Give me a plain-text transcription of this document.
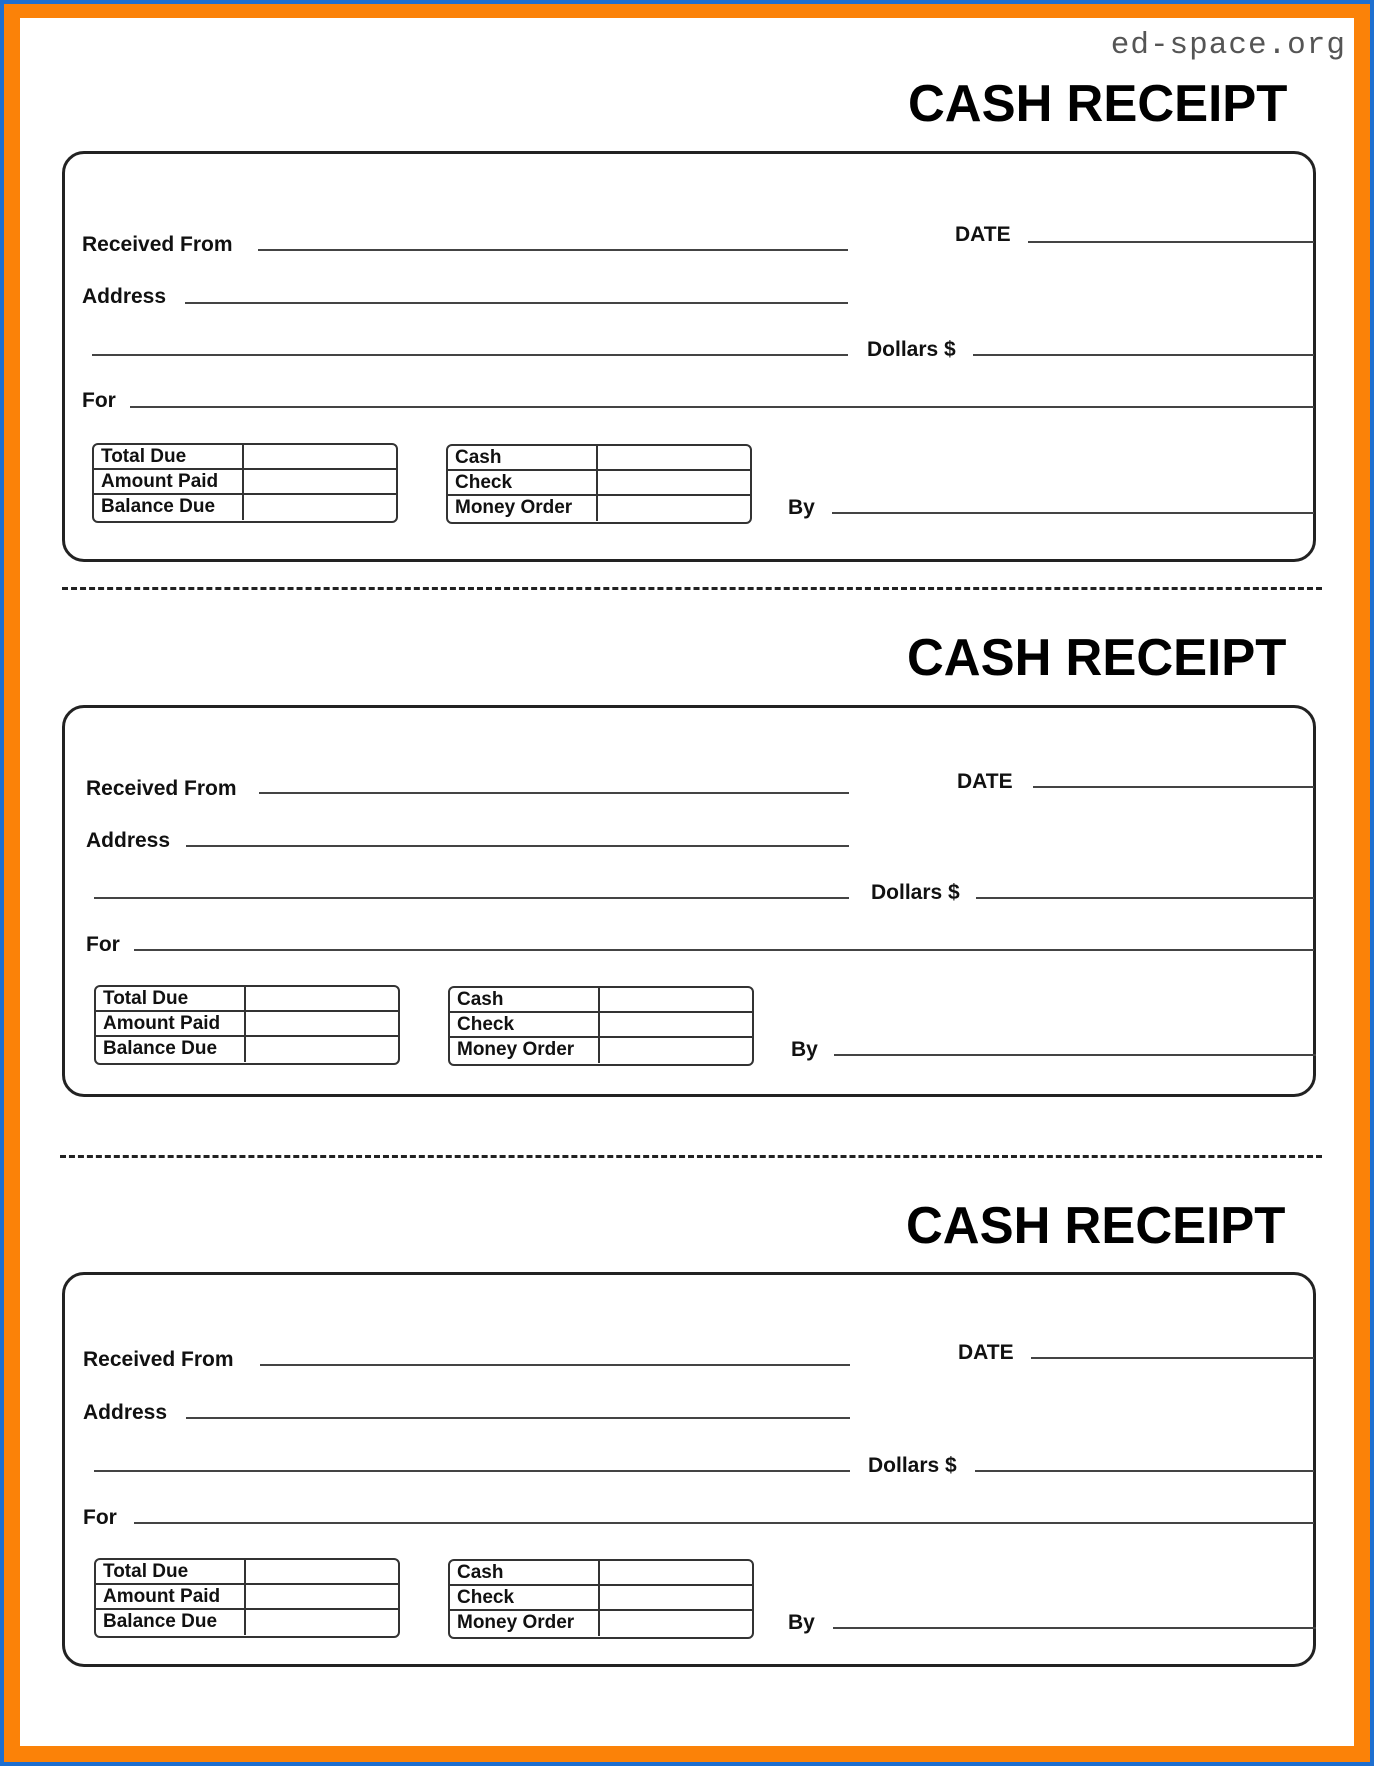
ed-space.org
CASH RECEIPT
Received From	DATE
Address
Dollars $
For
Total Due
Amount Paid
Balance Due
Cash
Check
Money Order	By
CASH RECEIPT
Received From	DATE
Address
Dollars $
For
Total Due
Amount Paid
Balance Due
Cash
Check
Money Order	By
CASH RECEIPT
Received From	DATE
Address
Dollars $
For
Total Due
Amount Paid
Balance Due
Cash
Check
Money Order	By
